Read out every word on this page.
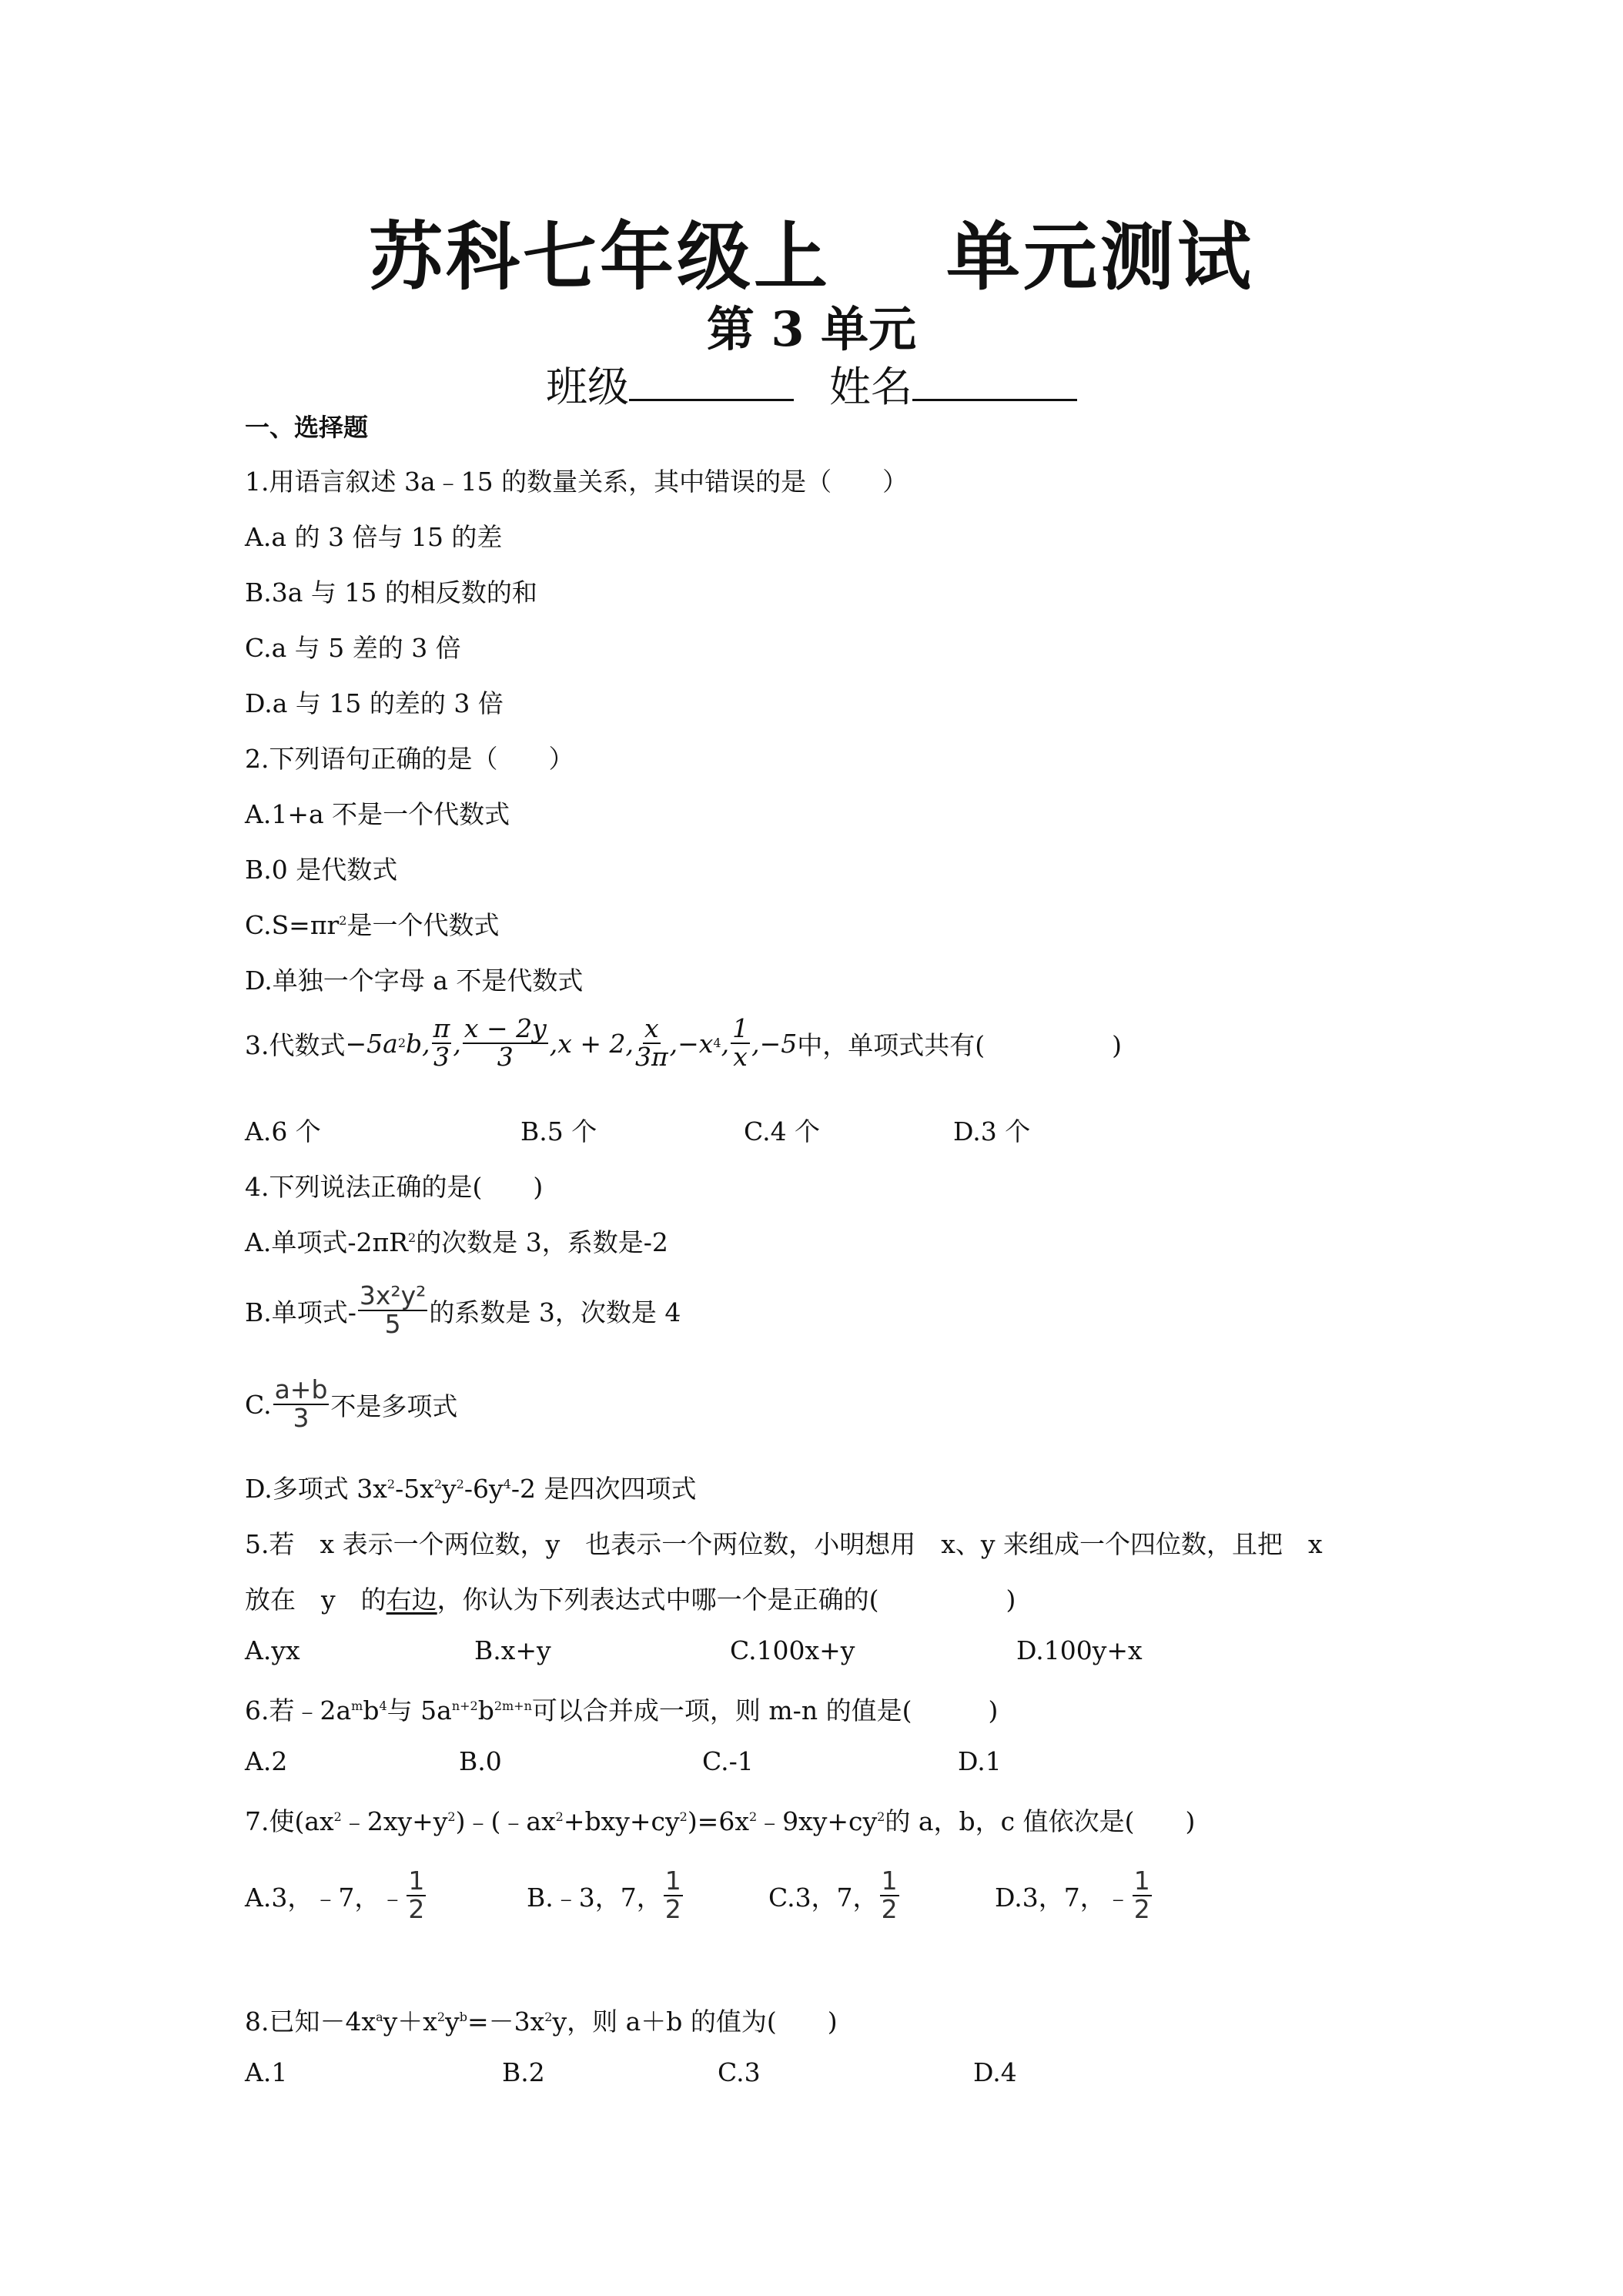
苏科七年级上 单元测试
第 3 单元
班级	姓名
一、选择题
1.用语言叙述 3a﹣15 的数量关系，其中错误的是（　　）
A.a 的 3 倍与 15 的差
B.3a 与 15 的相反数的和
C.a 与 5 差的 3 倍
D.a 与 15 的差的 3 倍
2.下列语句正确的是（　　）
A.1+a 不是一个代数式
B.0 是代数式
$C.S=\pi r^2$是一个代数式
D.单独一个字母 a 不是代数式
3.代数式 −5a 2 b, $\frac{\pi}{3}$ , $\frac{x - 2y}{3} ,x + 2$, $\frac{x}{3\pi} ,-x$ 4 , $\frac{1}{x} ,-5$ 中，单项式共有(　　　　　)
A.6 个	B.5 个	C.4 个	D.3 个
4.下列说法正确的是(　　)
A.单项式$-2\pi R^2$的次数是 3，系数是-2
B.单项式- $\frac{\text{3x²y²}}{5}$ 的系数是 3，次数是 4
C. $\frac{a+b}{3}$ 不是多项式
D.多项式 $3x^2-5x^2y^2-6y^4-2$ 是四次四项式
5.若　x 表示一个两位数，y　也表示一个两位数，小明想用　x、y 来组成一个四位数，且把　x
放在　y　的右边，你认为下列表达式中哪一个是正确的(　　　　　)
A.yx	B.x+y	C.100x+y	D.100y+x
6.若$﹣2a^mb^4$与 $5a^{n+2}b^{2m+n}$可以合并成一项，则 m-n 的值是(　　　)
A.2	B.0	C.-1	D.1
7.使$(ax^2﹣2xy+y^2)﹣(﹣ax^2+bxy+cy^2)=6x^2﹣9xy+cy^2$的 a，b，c 值依次是(　　)
A.3，﹣7，﹣ $\frac{1}{2}$	B.﹣3，7， $\frac{1}{2}$	C.3，7， $\frac{1}{2}$	D.3，7，﹣ $\frac{1}{2}$
8.已知$-4x^ay+x^2y^b=-3x^2y$，则 a＋b 的值为(　　)
A.1	B.2	C.3	D.4
